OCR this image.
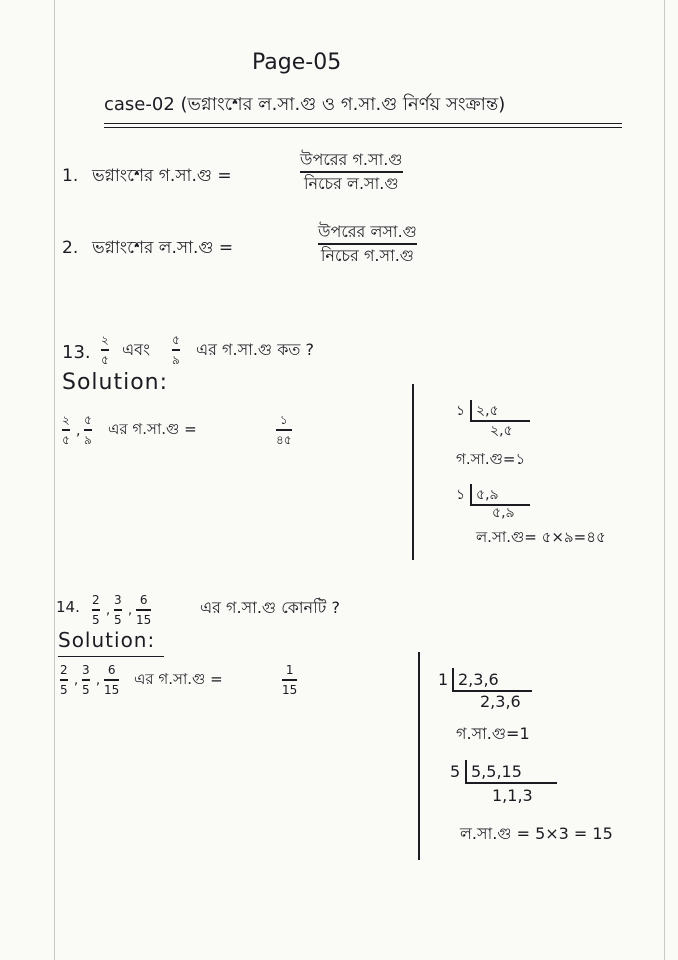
Page-05
case-02 (ভগ্নাংশের ল.সা.গু ও গ.সা.গু নির্ণয় সংক্রান্ত)
1. ভগ্নাংশের গ.সা.গু =
উপরের গ.সা.গু
নিচের ল.সা.গু
2. ভগ্নাংশের ল.সা.গু =
উপরের লসা.গু
নিচের গ.সা.গু
13.
২
৫
এবং ৫
৯
এর গ.সা.গু কত ?
Solution:
২
৫
,
৫
৯
এর গ.সা.গু =	১
৪৫
১ ২,৫
২,৫
গ.সা.গু=১
১ ৫,৯
৫,৯
ল.সা.গু= ৫×৯=৪৫
14. 2
5
,
3
5
,
6
15
এর গ.সা.গু কোনটি ?
Solution:
2
5
,
3
5
,
6
15
এর গ.সা.গু =	1
15
1 2,3,6
2,3,6
গ.সা.গু=1
5 5,5,15
1,1,3
ল.সা.গু = 5×3 = 15
